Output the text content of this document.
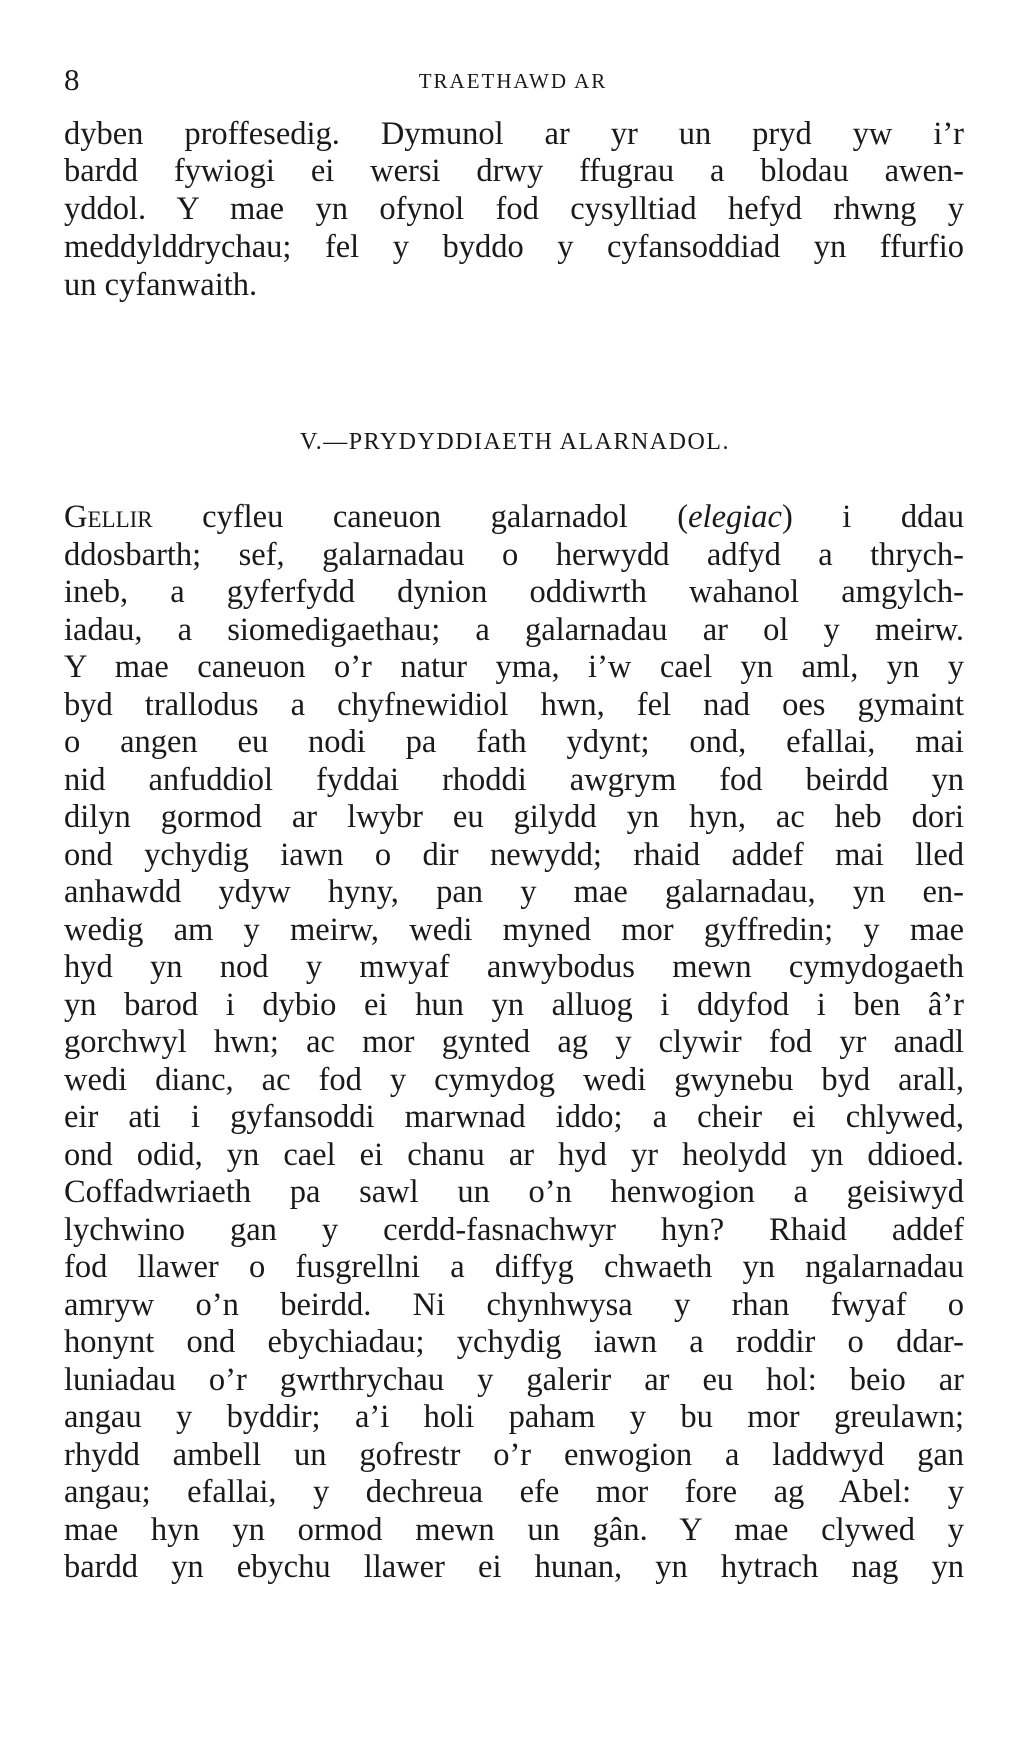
8	TRAETHAWD AR
dyben proffesedig. Dymunol ar yr un pryd yw i’r
bardd fywiogi ei wersi drwy ffugrau a blodau awen-
yddol. Y mae yn ofynol fod cysylltiad hefyd rhwng y
meddylddrychau; fel y byddo y cyfansoddiad yn ffurfio
un cyfanwaith.
V.—PRYDYDDIAETH ALARNADOL.
Gellir cyfleu caneuon galarnadol (elegiac) i ddau
ddosbarth; sef, galarnadau o herwydd adfyd a thrych-
ineb, a gyferfydd dynion oddiwrth wahanol amgylch-
iadau, a siomedigaethau; a galarnadau ar ol y meirw.
Y mae caneuon o’r natur yma, i’w cael yn aml, yn y
byd trallodus a chyfnewidiol hwn, fel nad oes gymaint
o angen eu nodi pa fath ydynt; ond, efallai, mai
nid anfuddiol fyddai rhoddi awgrym fod beirdd yn
dilyn gormod ar lwybr eu gilydd yn hyn, ac heb dori
ond ychydig iawn o dir newydd; rhaid addef mai lled
anhawdd ydyw hyny, pan y mae galarnadau, yn en-
wedig am y meirw, wedi myned mor gyffredin; y mae
hyd yn nod y mwyaf anwybodus mewn cymydogaeth
yn barod i dybio ei hun yn alluog i ddyfod i ben â’r
gorchwyl hwn; ac mor gynted ag y clywir fod yr anadl
wedi dianc, ac fod y cymydog wedi gwynebu byd arall,
eir ati i gyfansoddi marwnad iddo; a cheir ei chlywed,
ond odid, yn cael ei chanu ar hyd yr heolydd yn ddioed.
Coffadwriaeth pa sawl un o’n henwogion a geisiwyd
lychwino gan y cerdd-fasnachwyr hyn? Rhaid addef
fod llawer o fusgrellni a diffyg chwaeth yn ngalarnadau
amryw o’n beirdd. Ni chynhwysa y rhan fwyaf o
honynt ond ebychiadau; ychydig iawn a roddir o ddar-
luniadau o’r gwrthrychau y galerir ar eu hol: beio ar
angau y byddir; a’i holi paham y bu mor greulawn;
rhydd ambell un gofrestr o’r enwogion a laddwyd gan
angau; efallai, y dechreua efe mor fore ag Abel: y
mae hyn yn ormod mewn un gân. Y mae clywed y
bardd yn ebychu llawer ei hunan, yn hytrach nag yn
